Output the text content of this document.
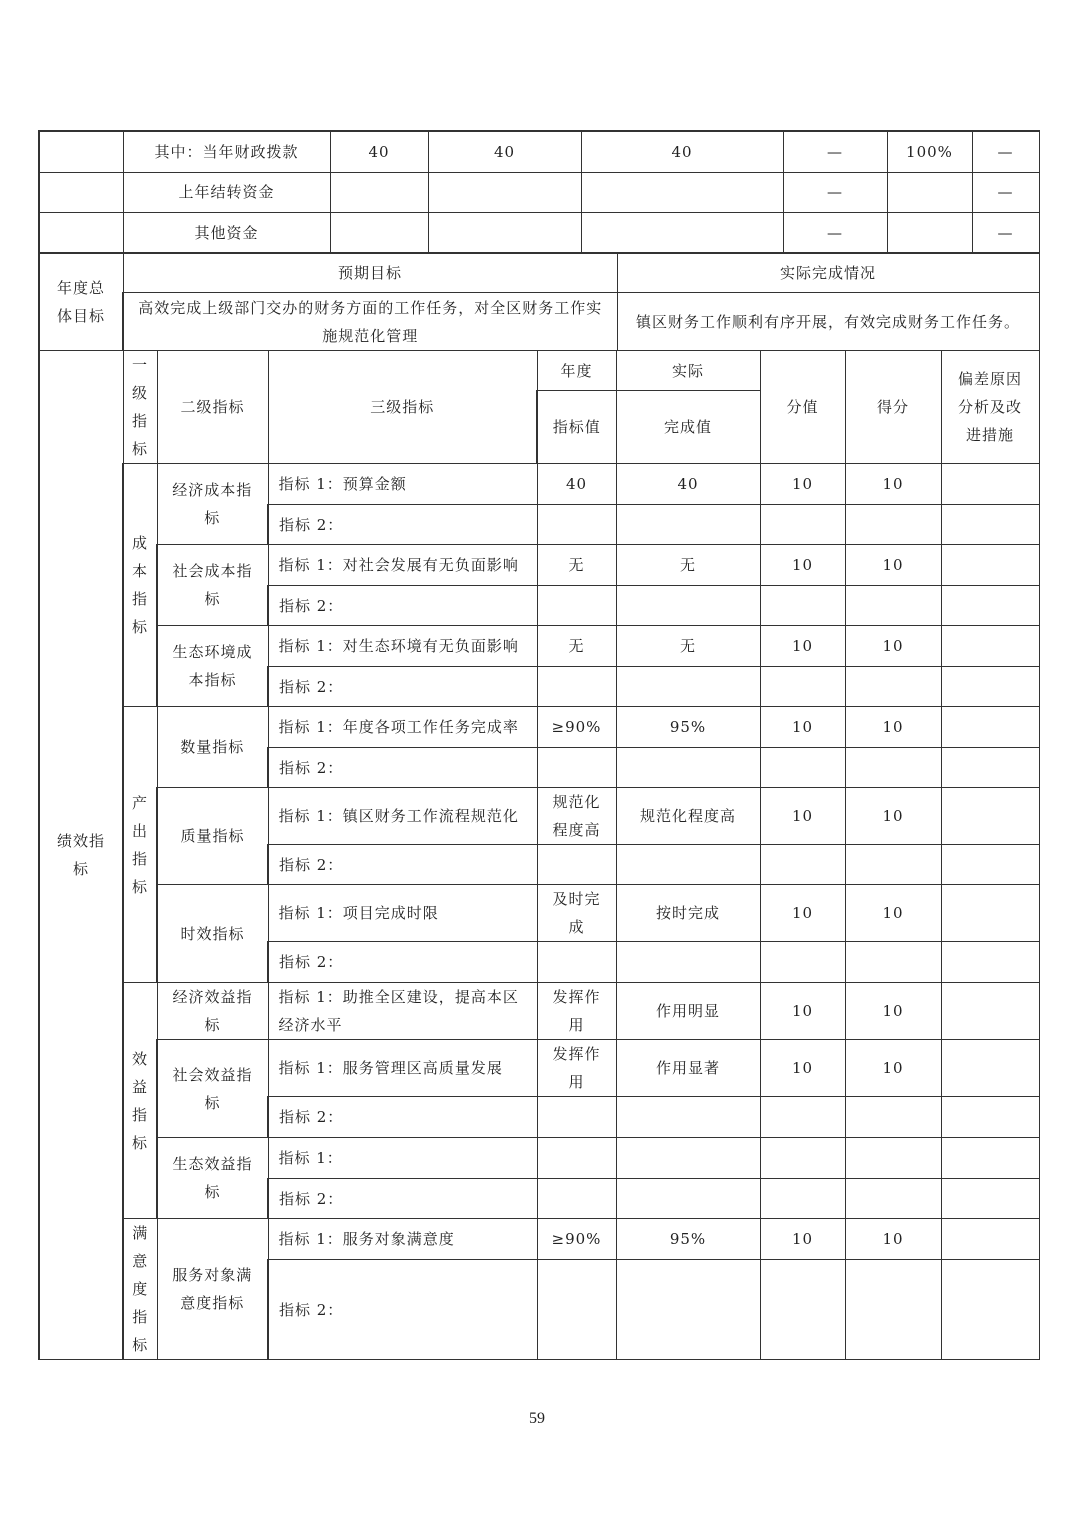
	其中：当年财政拨款	40	40	40	—	100%	—
	上年结转资金				—		—
	其他资金				—		—
年度总体目标	预期目标	实际完成情况
	高效完成上级部门交办的财务方面的工作任务，对全区财务工作实施规范化管理	镇区财务工作顺利有序开展，有效完成财务工作任务。
绩效指标	一级指标	二级指标	三级指标	年度	实际	分值	得分	偏差原因分析及改进措施
				指标值	完成值			
	成本指标	经济成本指标	指标 1：预算金额	40	40	10	10	
			指标 2：					
		社会成本指标	指标 1：对社会发展有无负面影响	无	无	10	10	
			指标 2：					
		生态环境成本指标	指标 1：对生态环境有无负面影响	无	无	10	10	
			指标 2：					
	产出指标	数量指标	指标 1：年度各项工作任务完成率	≥90%	95%	10	10	
			指标 2：					
		质量指标	指标 1：镇区财务工作流程规范化	规范化程度高	规范化程度高	10	10	
			指标 2：					
		时效指标	指标 1：项目完成时限	及时完成	按时完成	10	10	
			指标 2：					
	效益指标	经济效益指标	指标 1：助推全区建设，提高本区经济水平	发挥作用	作用明显	10	10	
		社会效益指标	指标 1：服务管理区高质量发展	发挥作用	作用显著	10	10	
			指标 2：					
		生态效益指标	指标 1：					
			指标 2：					
	满意度指标	服务对象满意度指标	指标 1：服务对象满意度	≥90%	95%	10	10	
			指标 2：					
59
